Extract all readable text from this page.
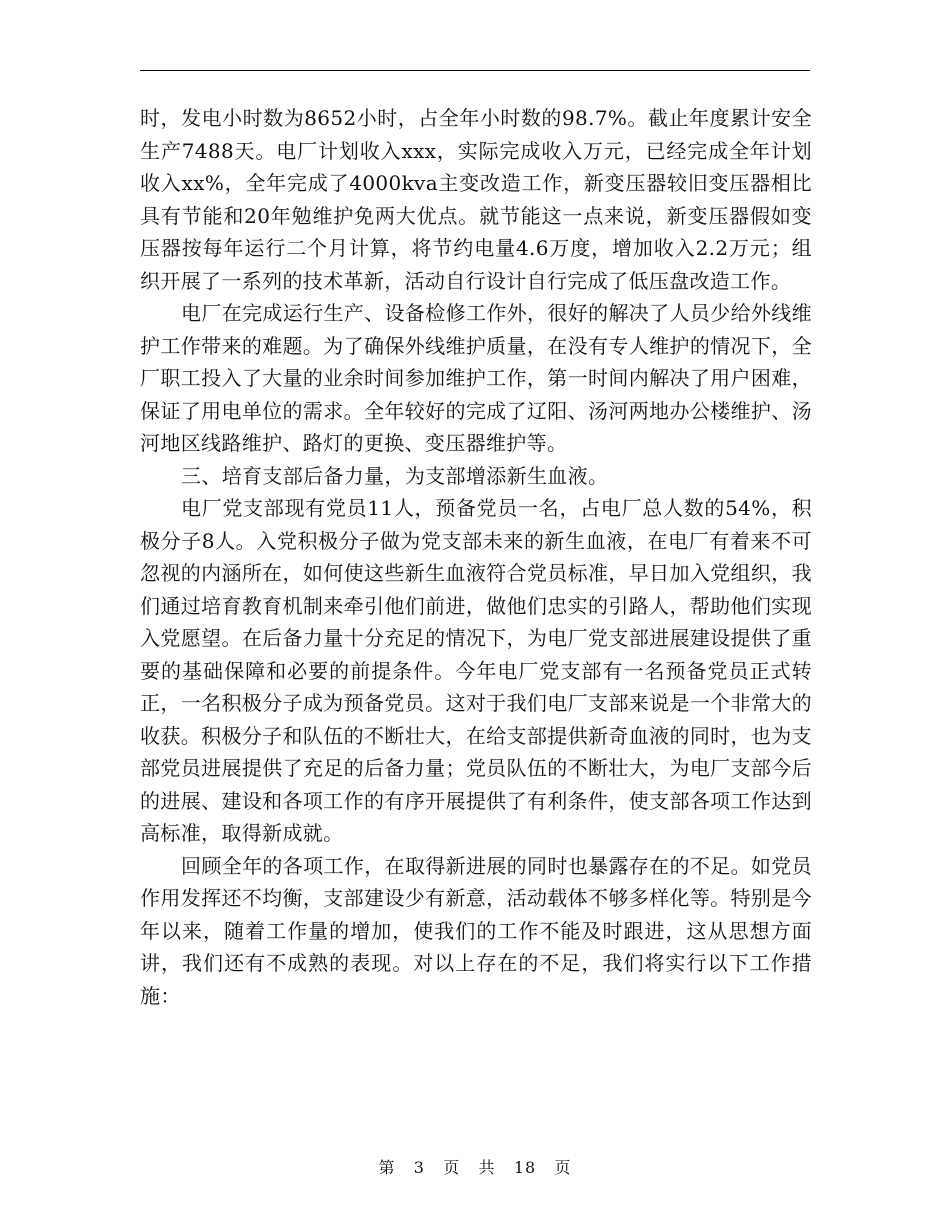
时，发电小时数为8652小时，占全年小时数的98.7%。截止年度累计安全生产7488天。电厂计划收入xxx，实际完成收入万元，已经完成全年计划收入xx%，全年完成了4000kva主变改造工作，新变压器较旧变压器相比具有节能和20年勉维护免两大优点。就节能这一点来说，新变压器假如变压器按每年运行二个月计算，将节约电量4.6万度，增加收入2.2万元；组织开展了一系列的技术革新，活动自行设计自行完成了低压盘改造工作。

电厂在完成运行生产、设备检修工作外，很好的解决了人员少给外线维护工作带来的难题。为了确保外线维护质量，在没有专人维护的情况下，全厂职工投入了大量的业余时间参加维护工作，第一时间内解决了用户困难，保证了用电单位的需求。全年较好的完成了辽阳、汤河两地办公楼维护、汤河地区线路维护、路灯的更换、变压器维护等。

三、培育支部后备力量，为支部增添新生血液。

电厂党支部现有党员11人，预备党员一名，占电厂总人数的54%，积极分子8人。入党积极分子做为党支部未来的新生血液，在电厂有着来不可忽视的内涵所在，如何使这些新生血液符合党员标准，早日加入党组织，我们通过培育教育机制来牵引他们前进，做他们忠实的引路人，帮助他们实现入党愿望。在后备力量十分充足的情况下，为电厂党支部进展建设提供了重要的基础保障和必要的前提条件。今年电厂党支部有一名预备党员正式转正，一名积极分子成为预备党员。这对于我们电厂支部来说是一个非常大的收获。积极分子和队伍的不断壮大，在给支部提供新奇血液的同时，也为支部党员进展提供了充足的后备力量；党员队伍的不断壮大，为电厂支部今后的进展、建设和各项工作的有序开展提供了有利条件，使支部各项工作达到高标准，取得新成就。

回顾全年的各项工作，在取得新进展的同时也暴露存在的不足。如党员作用发挥还不均衡，支部建设少有新意，活动载体不够多样化等。特别是今年以来，随着工作量的增加，使我们的工作不能及时跟进，这从思想方面讲，我们还有不成熟的表现。对以上存在的不足，我们将实行以下工作措施：

第 3 页 共 18 页
